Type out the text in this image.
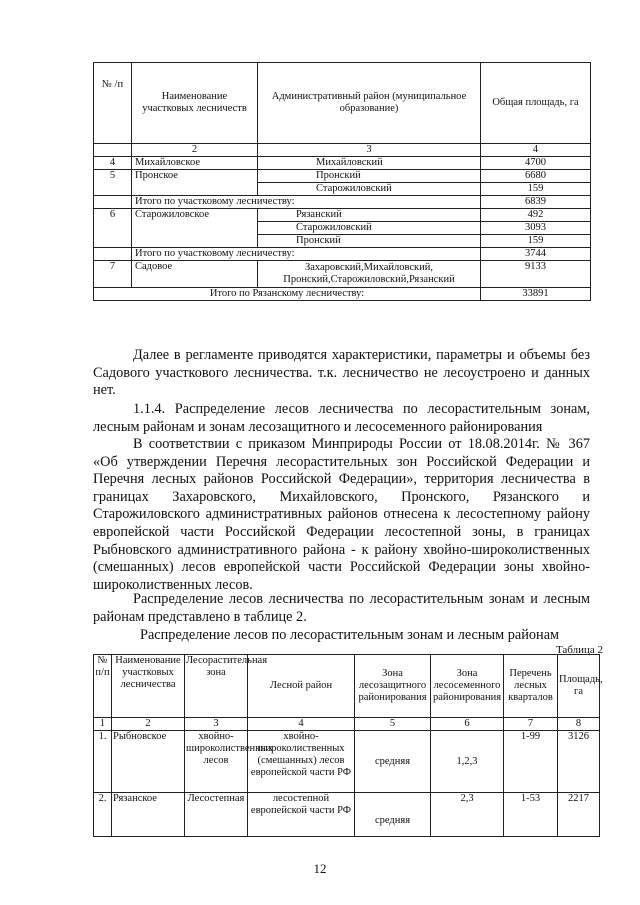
№ /п	Наименование участковых лесничеств	Административный район (муниципальное образование)	Общая площадь, га
	2	3	4
4	Михайловское	Михайловский	4700
5	Пронское	Пронский	6680
		Старожиловский	159
	Итого по участковому лесничеству:		6839
6	Старожиловское	Рязанский	492
		Старожиловский	3093
		Пронский	159
	Итого по участковому лесничеству:		3744
7	Садовое	Захаровский,Михайловский, Пронский,Старожиловский,Рязанский	9133
Итого по Рязанскому лесничеству:			33891

Далее в регламенте приводятся характеристики, параметры и объемы без Садового участкового лесничества. т.к. лесничество не лесоустроено и данных нет.

1.1.4. Распределение лесов лесничества по лесорастительным зонам, лесным районам и зонам лесозащитного и лесосеменного районирования

В соответствии с приказом Минприроды России от 18.08.2014г. № 367 «Об утверждении Перечня лесорастительных зон Российской Федерации и Перечня лесных районов Российской Федерации», территория лесничества в границах Захаровского, Михайловского, Пронского, Рязанского и Старожиловского административных районов отнесена к лесостепному району европейской части Российской Федерации лесостепной зоны, в границах Рыбновского административного района - к району хвойно-широколиственных (смешанных) лесов европейской части Российской Федерации зоны хвойно-широколиственных лесов.

Распределение лесов лесничества по лесорастительным зонам и лесным районам представлено в таблице 2.

Распределение лесов по лесорастительным зонам и лесным районам

Таблица 2

№ п/п	Наименование участковых лесничества	Лесорастительная зона	Лесной район	Зона лесозащитного районирования	Зона лесосеменного районирования	Перечень лесных кварталов	Площадь, га
1	2	3	4	5	6	7	8
1.	Рыбновское	хвойно-широколиственных лесов	хвойно-широколиственных (смешанных) лесов европейской части РФ	средняя	1,2,3	1-99	3126
2.	Рязанское	Лесостепная	лесостепной европейской части РФ	средняя	2,3	1-53	2217

12
